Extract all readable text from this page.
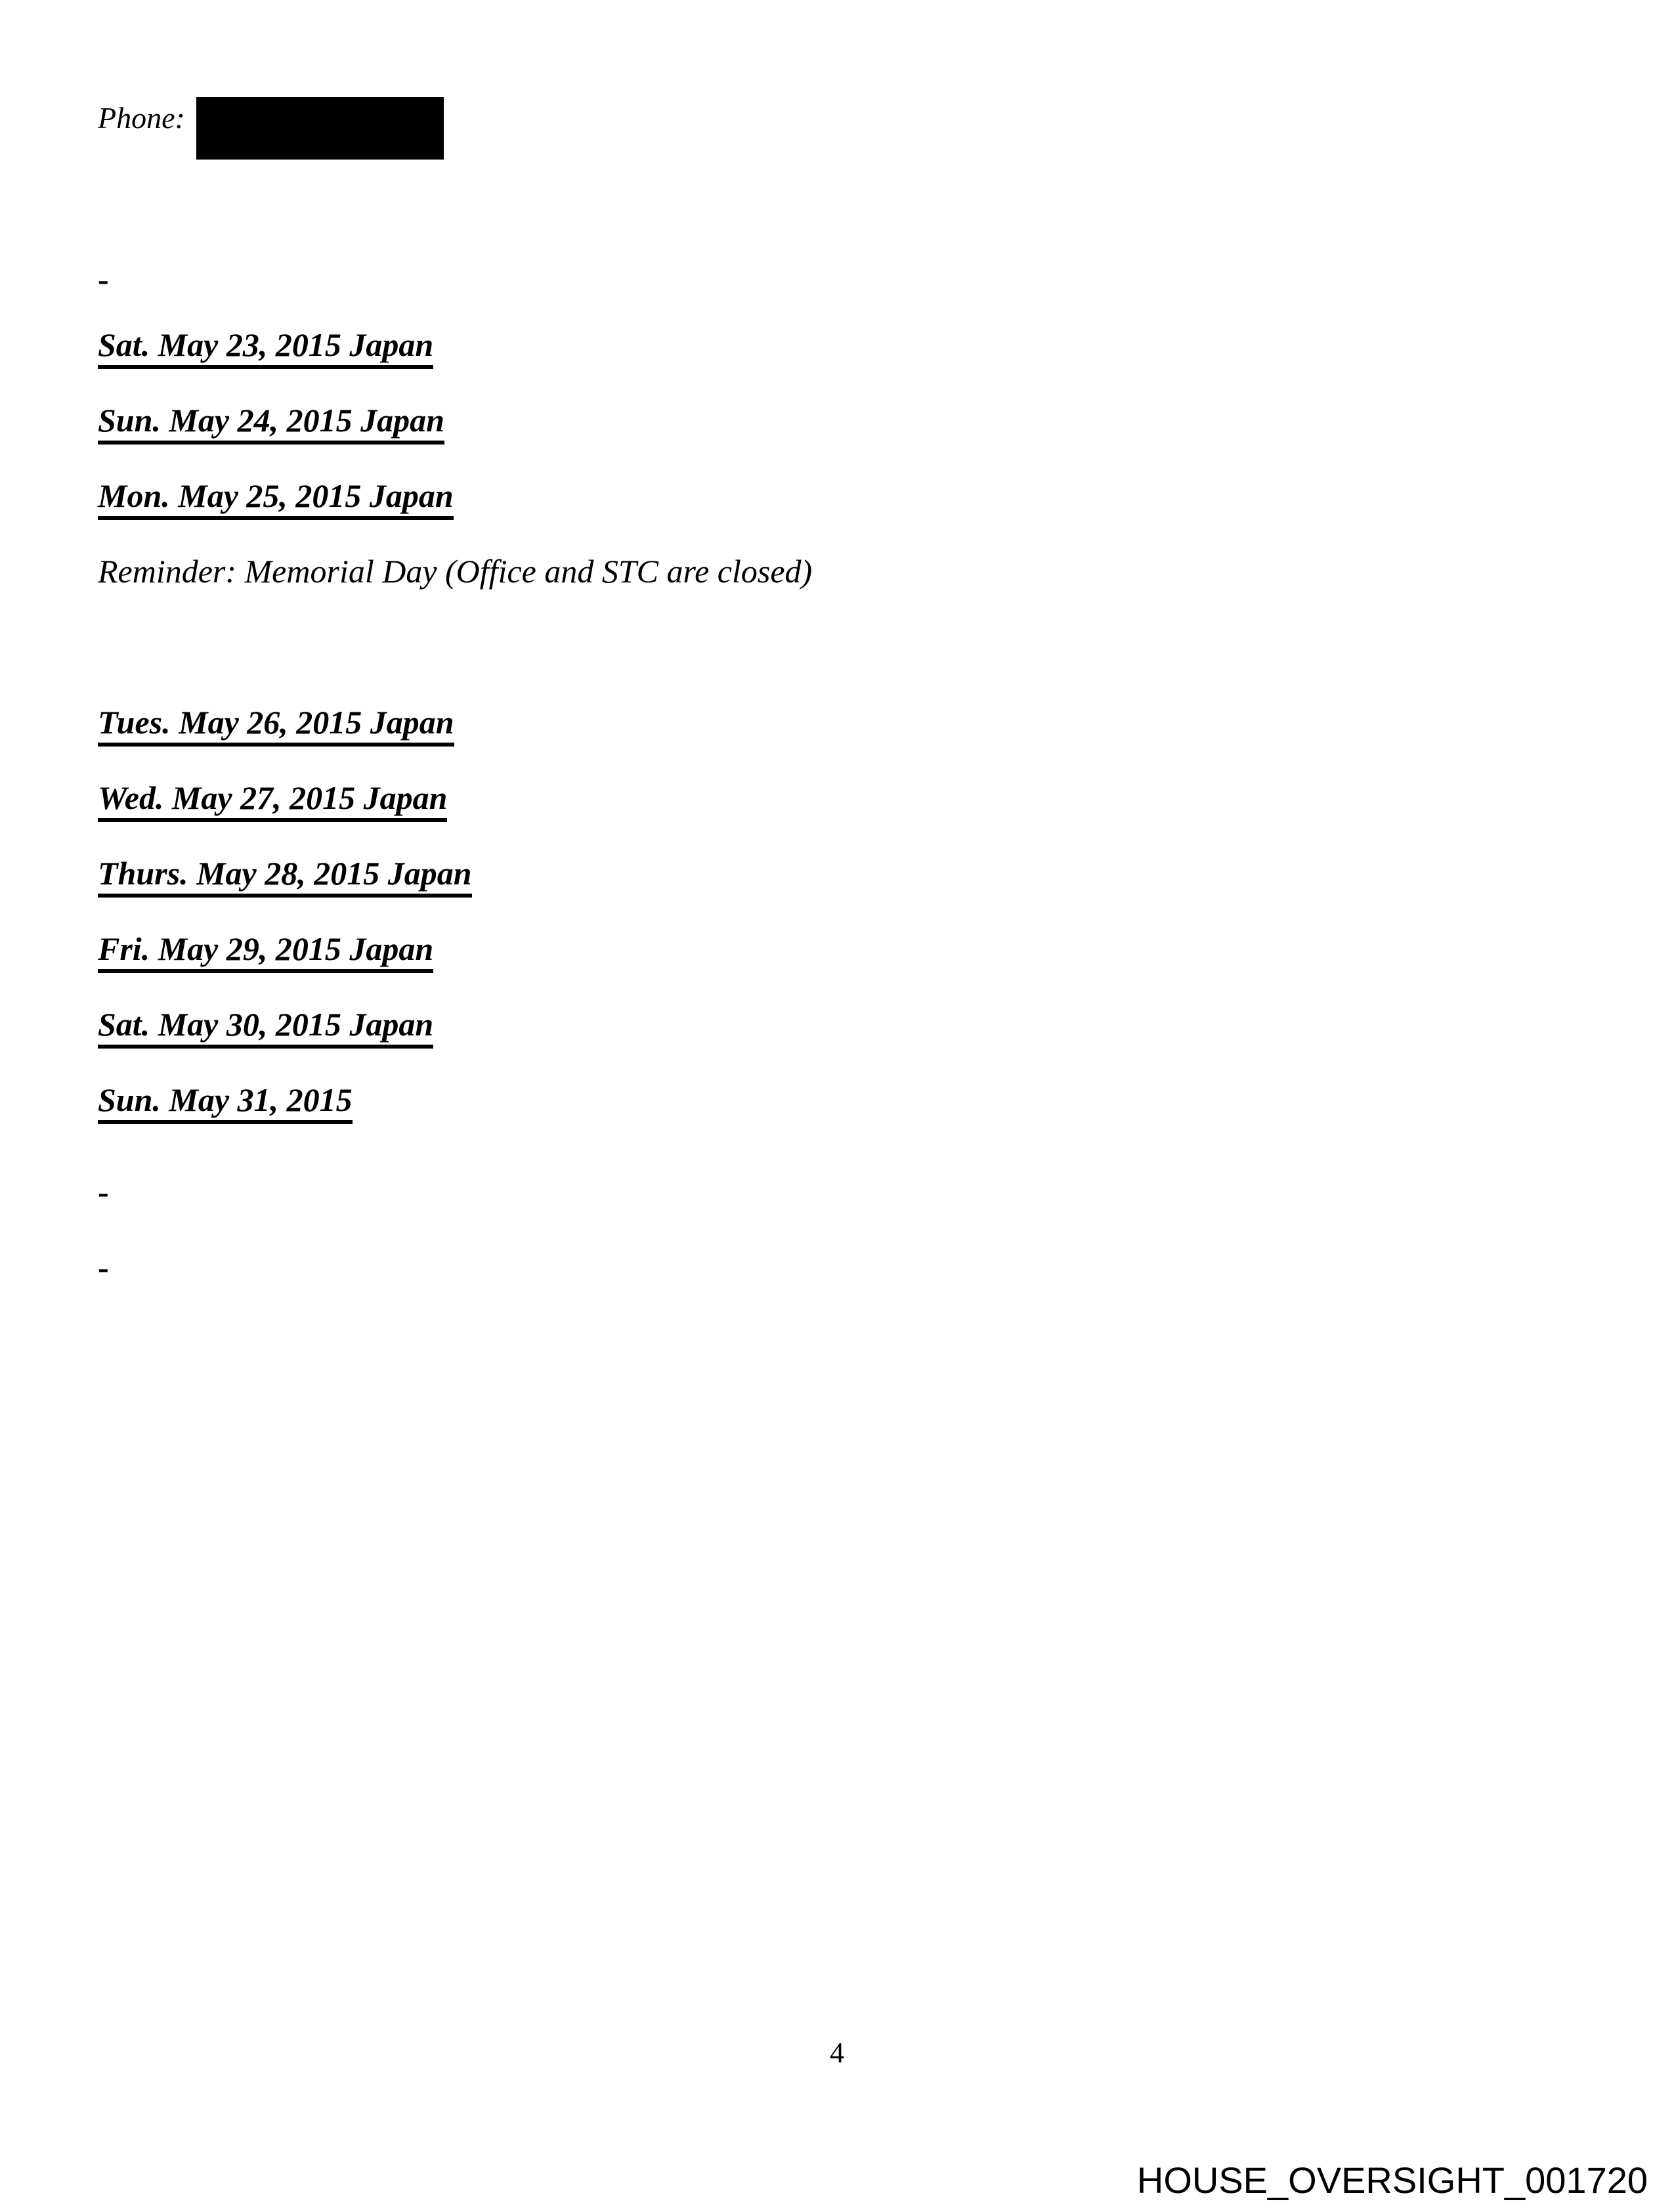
Phone:
-
Sat. May 23, 2015 Japan
Sun. May 24, 2015 Japan
Mon. May 25, 2015 Japan
Reminder: Memorial Day (Office and STC are closed)
Tues. May 26, 2015 Japan
Wed. May 27, 2015 Japan
Thurs. May 28, 2015 Japan
Fri. May 29, 2015 Japan
Sat. May 30, 2015 Japan
Sun. May 31, 2015
-
-
4
HOUSE_OVERSIGHT_001720
